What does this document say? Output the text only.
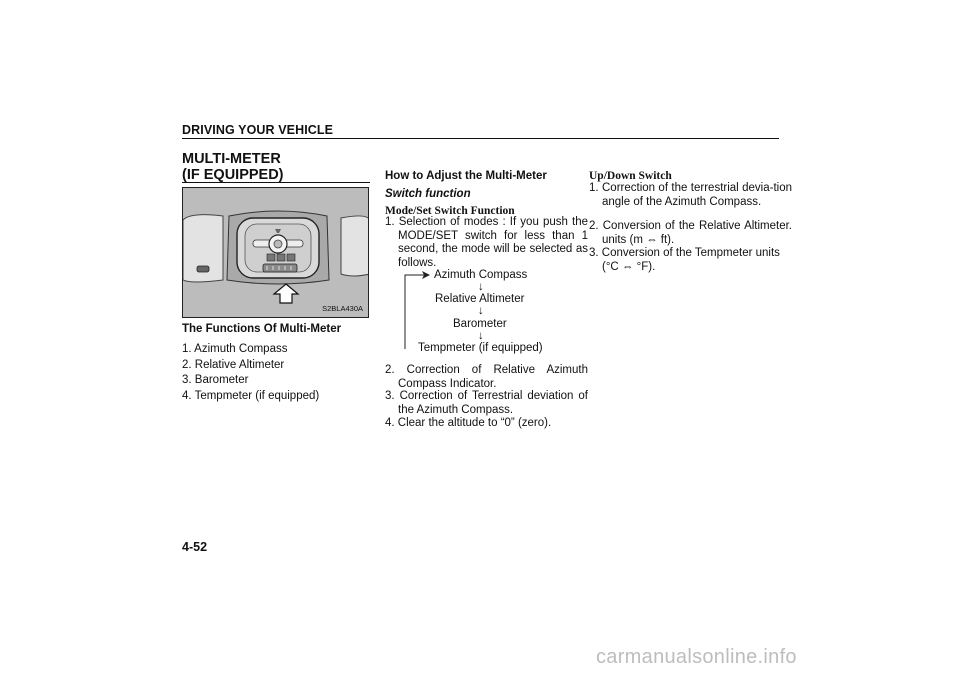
DRIVING YOUR VEHICLE
MULTI-METER
(IF EQUIPPED)
S2BLA430A
The Functions Of Multi-Meter
1. Azimuth Compass
2. Relative Altimeter
3. Barometer
4. Tempmeter (if equipped)
How to Adjust the Multi-Meter
Switch function
Mode/Set Switch Function
1. Selection of modes : If you push the MODE/SET switch for less than 1 second, the mode will be selected as follows.
Azimuth Compass
↓
Relative Altimeter
↓
Barometer
↓
Tempmeter (if equipped)
2. Correction of Relative Azimuth Compass Indicator.
3. Correction of Terrestrial deviation of the Azimuth Compass.
4. Clear the altitude to “0” (zero).
Up/Down Switch
1. Correction of the terrestrial devia-tion angle of the Azimuth Compass.
2. Conversion of the Relative Altimeter. units (m ⇔ ft).
3. Conversion of the Tempmeter units (°C ⇔ °F).
4-52
carmanualsonline.info
